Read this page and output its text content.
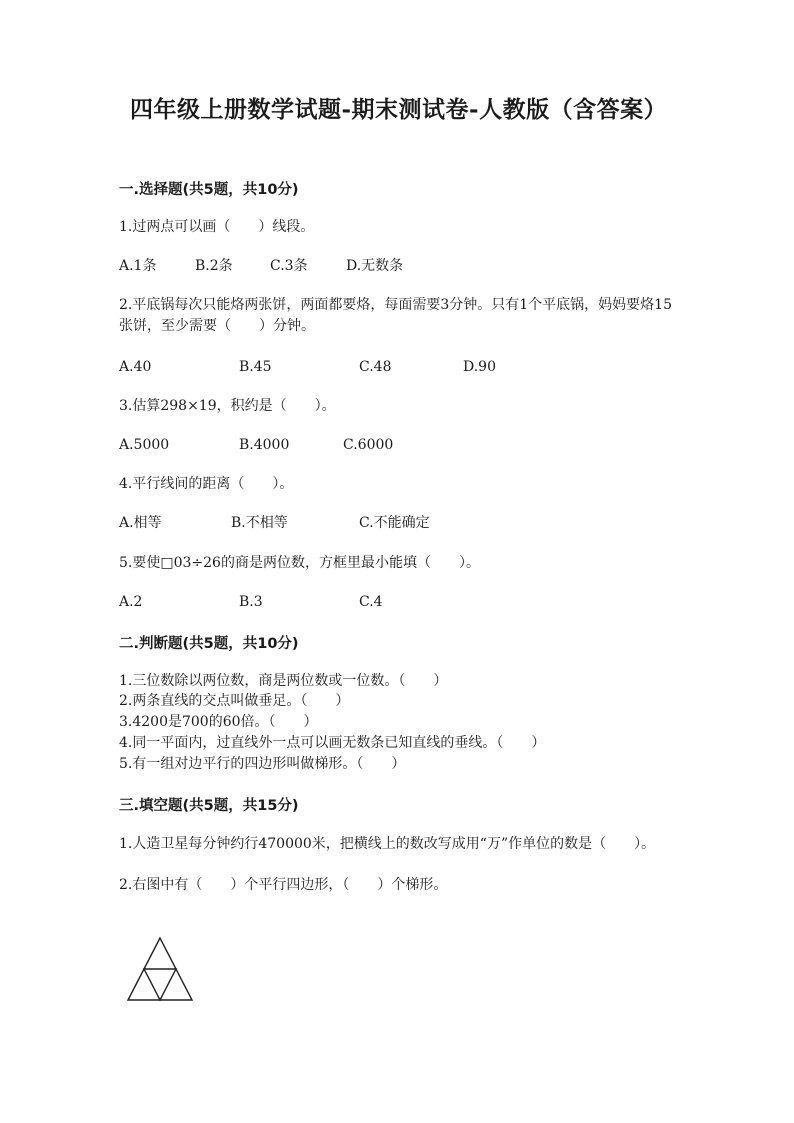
四年级上册数学试题-期末测试卷-人教版（含答案）
一.选择题(共5题，共10分)
1.过两点可以画（　　）线段。
A.1条	B.2条	C.3条	D.无数条
2.平底锅每次只能烙两张饼，两面都要烙，每面需要3分钟。只有1个平底锅，妈妈要烙15张饼，至少需要（　　）分钟。
A.40	B.45	C.48	D.90
3.估算298×19，积约是（　　）。
A.5000	B.4000	C.6000
4.平行线间的距离（　　）。
A.相等	B.不相等	C.不能确定
5.要使□03÷26的商是两位数，方框里最小能填（　　）。
A.2	B.3	C.4
二.判断题(共5题，共10分)
1.三位数除以两位数，商是两位数或一位数。（　　）
2.两条直线的交点叫做垂足。（　　）
3.4200是700的60倍。（　　）
4.同一平面内，过直线外一点可以画无数条已知直线的垂线。（　　）
5.有一组对边平行的四边形叫做梯形。（　　）
三.填空题(共5题，共15分)
1.人造卫星每分钟约行470000米，把横线上的数改写成用“万”作单位的数是（　　）。
2.右图中有（　　）个平行四边形，（　　）个梯形。
